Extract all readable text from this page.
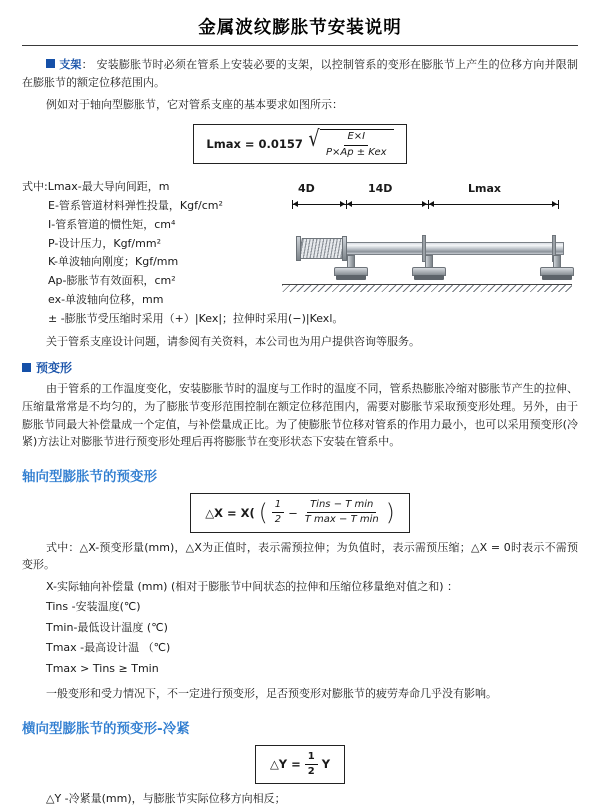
金属波纹膨胀节安装说明

支架： 安装膨胀节时必须在管系上安装必要的支架，以控制管系的变形在膨胀节上产生的位移方向并限制在膨胀节的额定位移范围内。

例如对于轴向型膨胀节，它对管系支座的基本要求如图所示：

Lmax = 0.0157 √ $\frac{E\times I}{\text{P×Ap ± Kex}}$
式中:Lmax-最大导向间距，m
E-管系管道材料弹性投量，Kgf/cm²
I-管系管道的惯性矩，cm⁴
P-设计压力，Kgf/mm²
K-单波轴向刚度；Kgf/mm
Ap-膨胀节有效面积，cm²
ex-单波轴向位移，mm
± -膨胀节受压缩时采用（+）|Kex|；拉伸时采用(−)|Kexl。
4D	14D	Lmax

关于管系支座设计问题，请参阅有关资料，本公司也为用户提供咨询等服务。

预变形

由于管系的工作温度变化，安装膨胀节时的温度与工作时的温度不同，管系热膨胀冷缩对膨胀节产生的拉伸、压缩量常常是不均匀的，为了膨胀节变形范围控制在额定位移范围内，需要对膨胀节采取预变形处理。另外，由于膨胀节同最大补偿量成一个定值，与补偿量成正比。为了使膨胀节位移对管系的作用力最小，也可以采用预变形(冷紧)方法让对膨胀节进行预变形处理后再将膨胀节在变形状态下安装在管系中。

轴向型膨胀节的预变形
△X = X( ( $\frac{1}{2} - \frac{\text{Tins − T min}}{\text{T max − T min}}$ )

式中：△X-预变形量(mm)，△X为正值时，表示需预拉伸；为负值时，表示需预压缩；△X = 0时表示不需预变形。

X-实际轴向补偿量 (mm) (相对于膨胀节中间状态的拉伸和压缩位移量绝对值之和) ：
Tins -安装温度(℃)
Tmin-最低设计温度 (℃)
Tmax -最高设计温 （℃)
Tmax > Tins ≥ Tmin

一般变形和受力情况下，不一定进行预变形，足否预变形对膨胀节的疲劳寿命几乎没有影响。

横向型膨胀节的预变形-冷紧
△Y = $\frac{1}{2}$ Y

△Y -冷紧量(mm)，与膨胀节实际位移方向相反；
